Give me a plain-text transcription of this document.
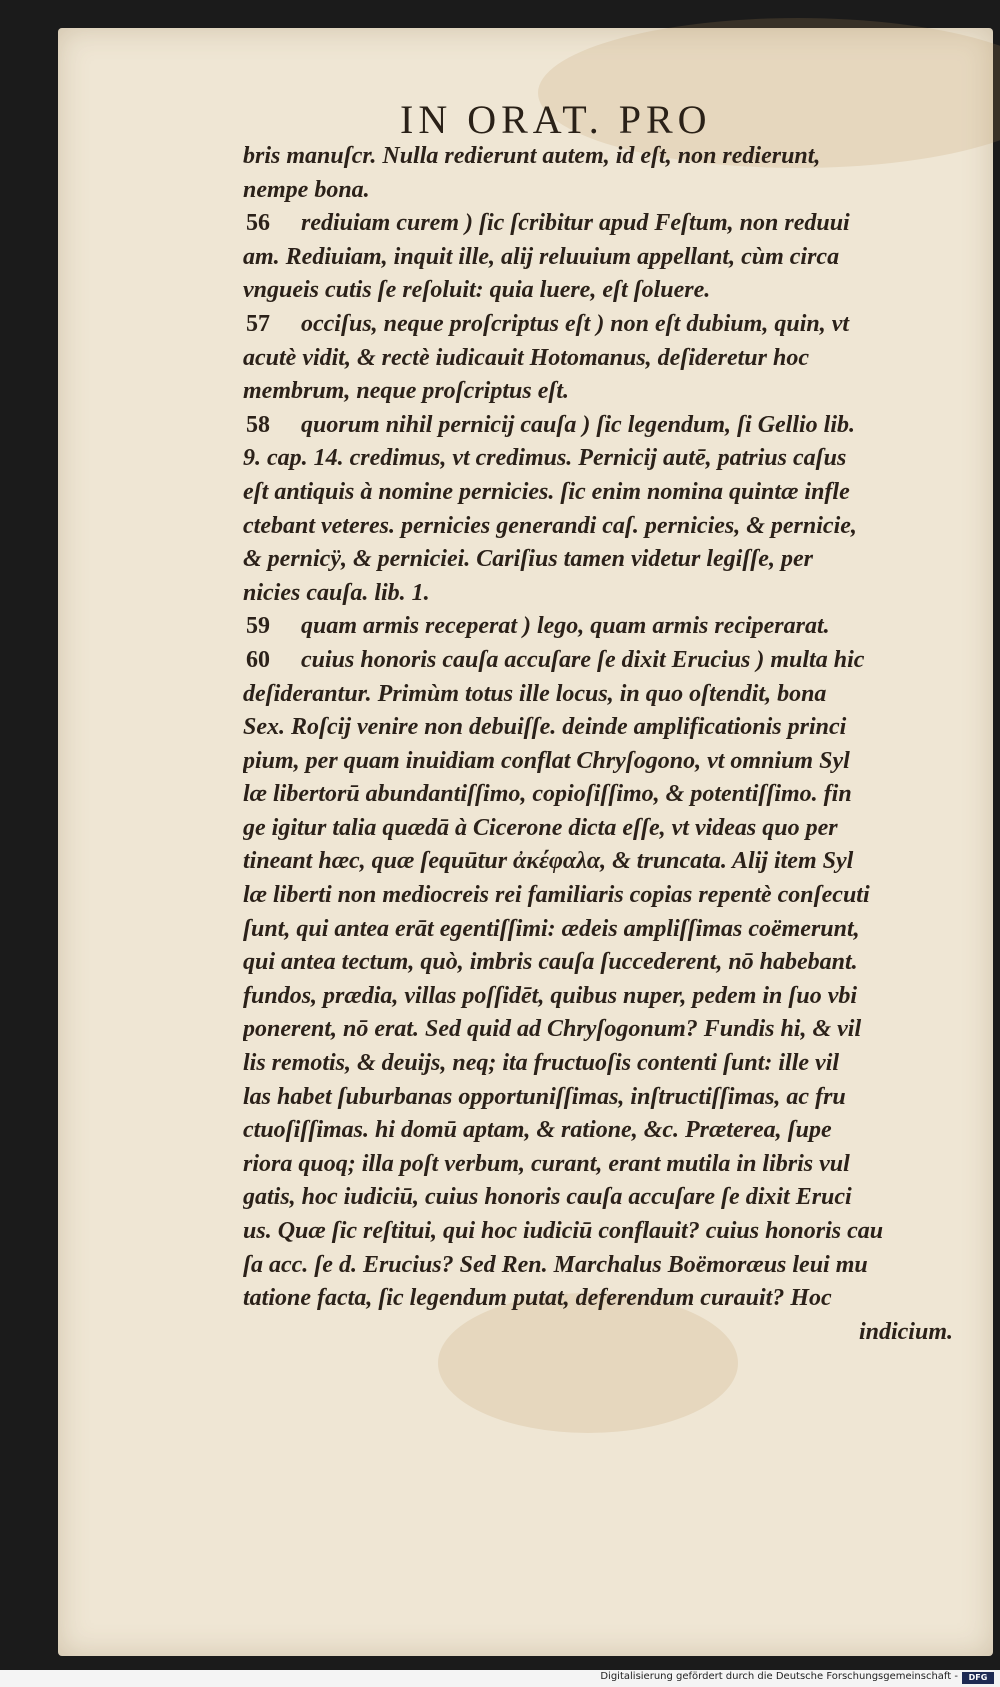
IN ORAT. PRO
bris manuſcr. Nulla redierunt autem, id eſt, non redierunt,
nempe bona.
56 rediuiam curem ) ſic ſcribitur apud Feſtum, non reduui
am. Rediuiam, inquit ille, alij reluuium appellant, cùm circa
vngueis cutis ſe reſoluit: quia luere, eſt ſoluere.
57 occiſus, neque proſcriptus eſt ) non eſt dubium, quin, vt
acutè vidit, & rectè iudicauit Hotomanus, deſideretur hoc
membrum, neque proſcriptus eſt.
58 quorum nihil pernicij cauſa ) ſic legendum, ſi Gellio lib.
9. cap. 14. credimus, vt credimus. Pernicij autē, patrius caſus
eſt antiquis à nomine pernicies. ſic enim nomina quintæ infle
ctebant veteres. pernicies generandi caſ. pernicies, & pernicie,
& pernicÿ, & perniciei. Cariſius tamen videtur legiſſe, per
nicies cauſa. lib. 1.
59 quam armis receperat ) lego, quam armis reciperarat.
60 cuius honoris cauſa accuſare ſe dixit Erucius ) multa hic
deſiderantur. Primùm totus ille locus, in quo oſtendit, bona
Sex. Roſcij venire non debuiſſe. deinde amplificationis princi
pium, per quam inuidiam conflat Chryſogono, vt omnium Syl
læ libertorū abundantiſſimo, copioſiſſimo, & potentiſſimo. fin
ge igitur talia quædā à Cicerone dicta eſſe, vt videas quo per
tineant hæc, quæ ſequūtur ἀκέφαλα, & truncata. Alij item Syl
læ liberti non mediocreis rei familiaris copias repentè conſecuti
ſunt, qui antea erāt egentiſſimi: ædeis ampliſſimas coëmerunt,
qui antea tectum, quò, imbris cauſa ſuccederent, nō habebant.
fundos, prædia, villas poſſidēt, quibus nuper, pedem in ſuo vbi
ponerent, nō erat. Sed quid ad Chryſogonum? Fundis hi, & vil
lis remotis, & deuijs, neq; ita fructuoſis contenti ſunt: ille vil
las habet ſuburbanas opportuniſſimas, inſtructiſſimas, ac fru
ctuoſiſſimas. hi domū aptam, & ratione, &c. Præterea, ſupe
riora quoq; illa poſt verbum, curant, erant mutila in libris vul
gatis, hoc iudiciū, cuius honoris cauſa accuſare ſe dixit Eruci
us. Quæ ſic reſtitui, qui hoc iudiciū conflauit? cuius honoris cau
ſa acc. ſe d. Erucius? Sed Ren. Marchalus Boëmoræus leui mu
tatione facta, ſic legendum putat, deferendum curauit? Hoc
indicium.
Digitalisierung gefördert durch die Deutsche Forschungsgemeinschaft -	DFG
